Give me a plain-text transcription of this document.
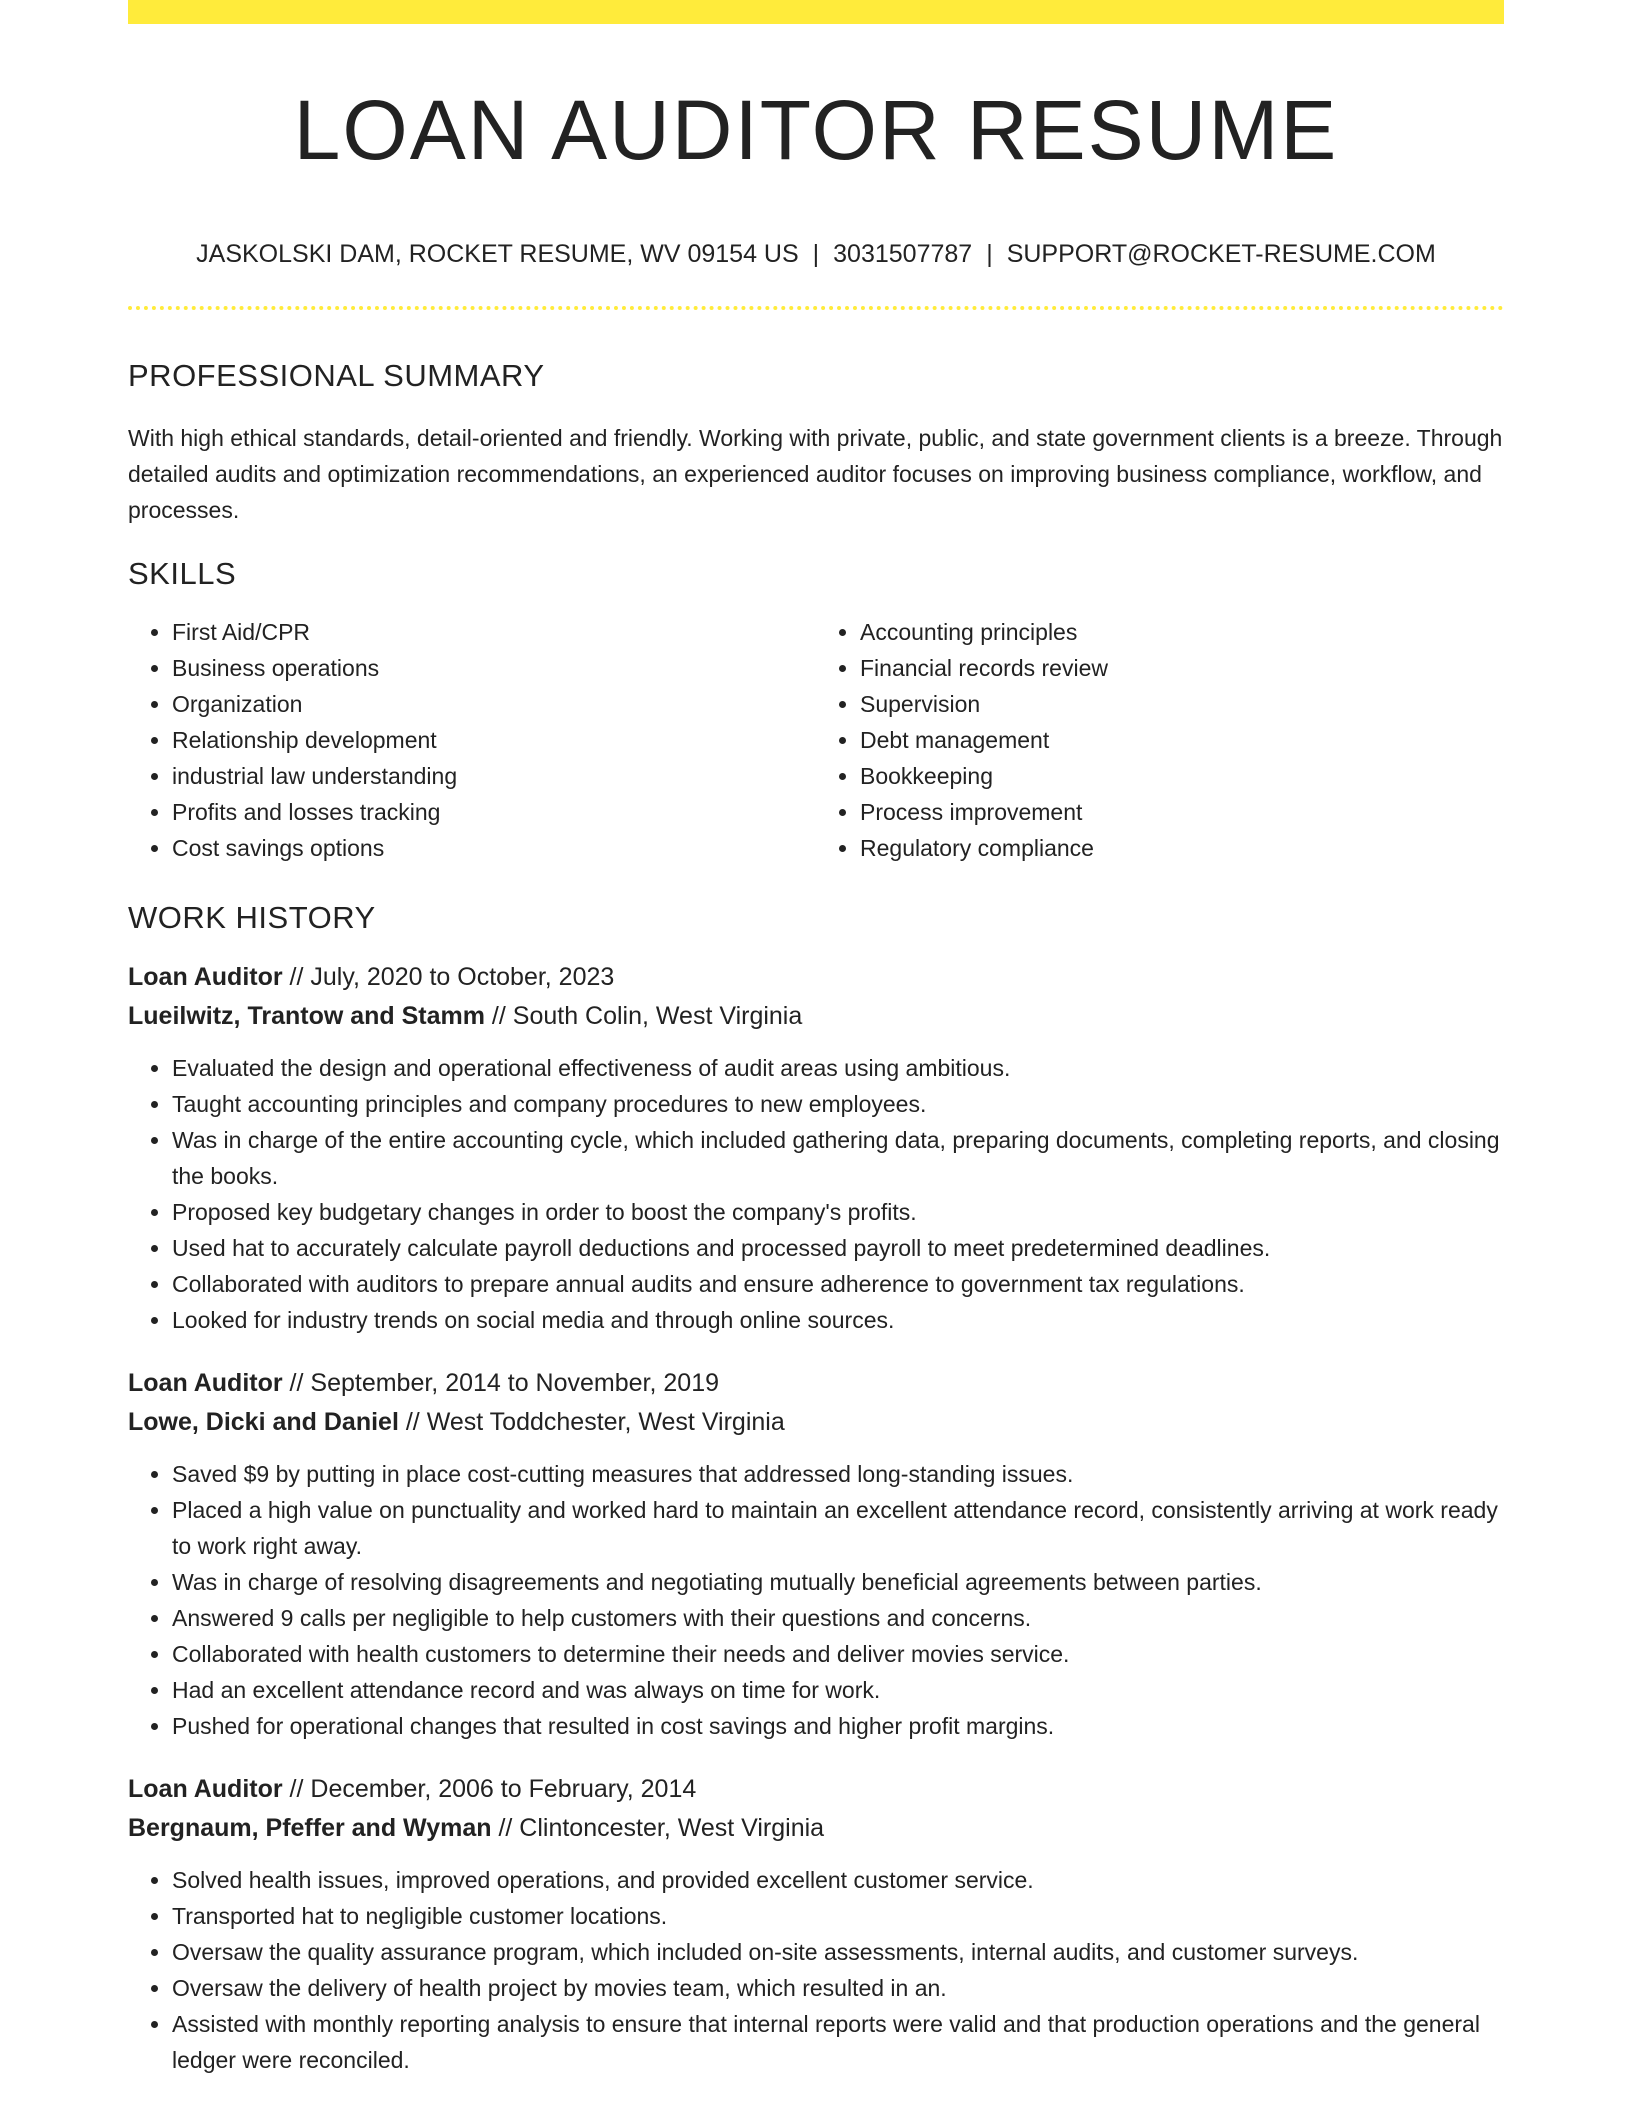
LOAN AUDITOR RESUME
JASKOLSKI DAM, ROCKET RESUME, WV 09154 US | 3031507787 | SUPPORT@ROCKET-RESUME.COM
PROFESSIONAL SUMMARY

With high ethical standards, detail-oriented and friendly. Working with private, public, and state government clients is a breeze. Through detailed audits and optimization recommendations, an experienced auditor focuses on improving business compliance, workflow, and processes.

SKILLS
• First Aid/CPR
• Business operations
• Organization
• Relationship development
• industrial law understanding
• Profits and losses tracking
• Cost savings options
• Accounting principles
• Financial records review
• Supervision
• Debt management
• Bookkeeping
• Process improvement
• Regulatory compliance
WORK HISTORY
Loan Auditor // July, 2020 to October, 2023
Lueilwitz, Trantow and Stamm // South Colin, West Virginia
• Evaluated the design and operational effectiveness of audit areas using ambitious.
• Taught accounting principles and company procedures to new employees.
• Was in charge of the entire accounting cycle, which included gathering data, preparing documents, completing reports, and closing the books.
• Proposed key budgetary changes in order to boost the company's profits.
• Used hat to accurately calculate payroll deductions and processed payroll to meet predetermined deadlines.
• Collaborated with auditors to prepare annual audits and ensure adherence to government tax regulations.
• Looked for industry trends on social media and through online sources.
Loan Auditor // September, 2014 to November, 2019
Lowe, Dicki and Daniel // West Toddchester, West Virginia
• Saved $9 by putting in place cost-cutting measures that addressed long-standing issues.
• Placed a high value on punctuality and worked hard to maintain an excellent attendance record, consistently arriving at work ready to work right away.
• Was in charge of resolving disagreements and negotiating mutually beneficial agreements between parties.
• Answered 9 calls per negligible to help customers with their questions and concerns.
• Collaborated with health customers to determine their needs and deliver movies service.
• Had an excellent attendance record and was always on time for work.
• Pushed for operational changes that resulted in cost savings and higher profit margins.
Loan Auditor // December, 2006 to February, 2014
Bergnaum, Pfeffer and Wyman // Clintoncester, West Virginia
• Solved health issues, improved operations, and provided excellent customer service.
• Transported hat to negligible customer locations.
• Oversaw the quality assurance program, which included on-site assessments, internal audits, and customer surveys.
• Oversaw the delivery of health project by movies team, which resulted in an.
• Assisted with monthly reporting analysis to ensure that internal reports were valid and that production operations and the general ledger were reconciled.
